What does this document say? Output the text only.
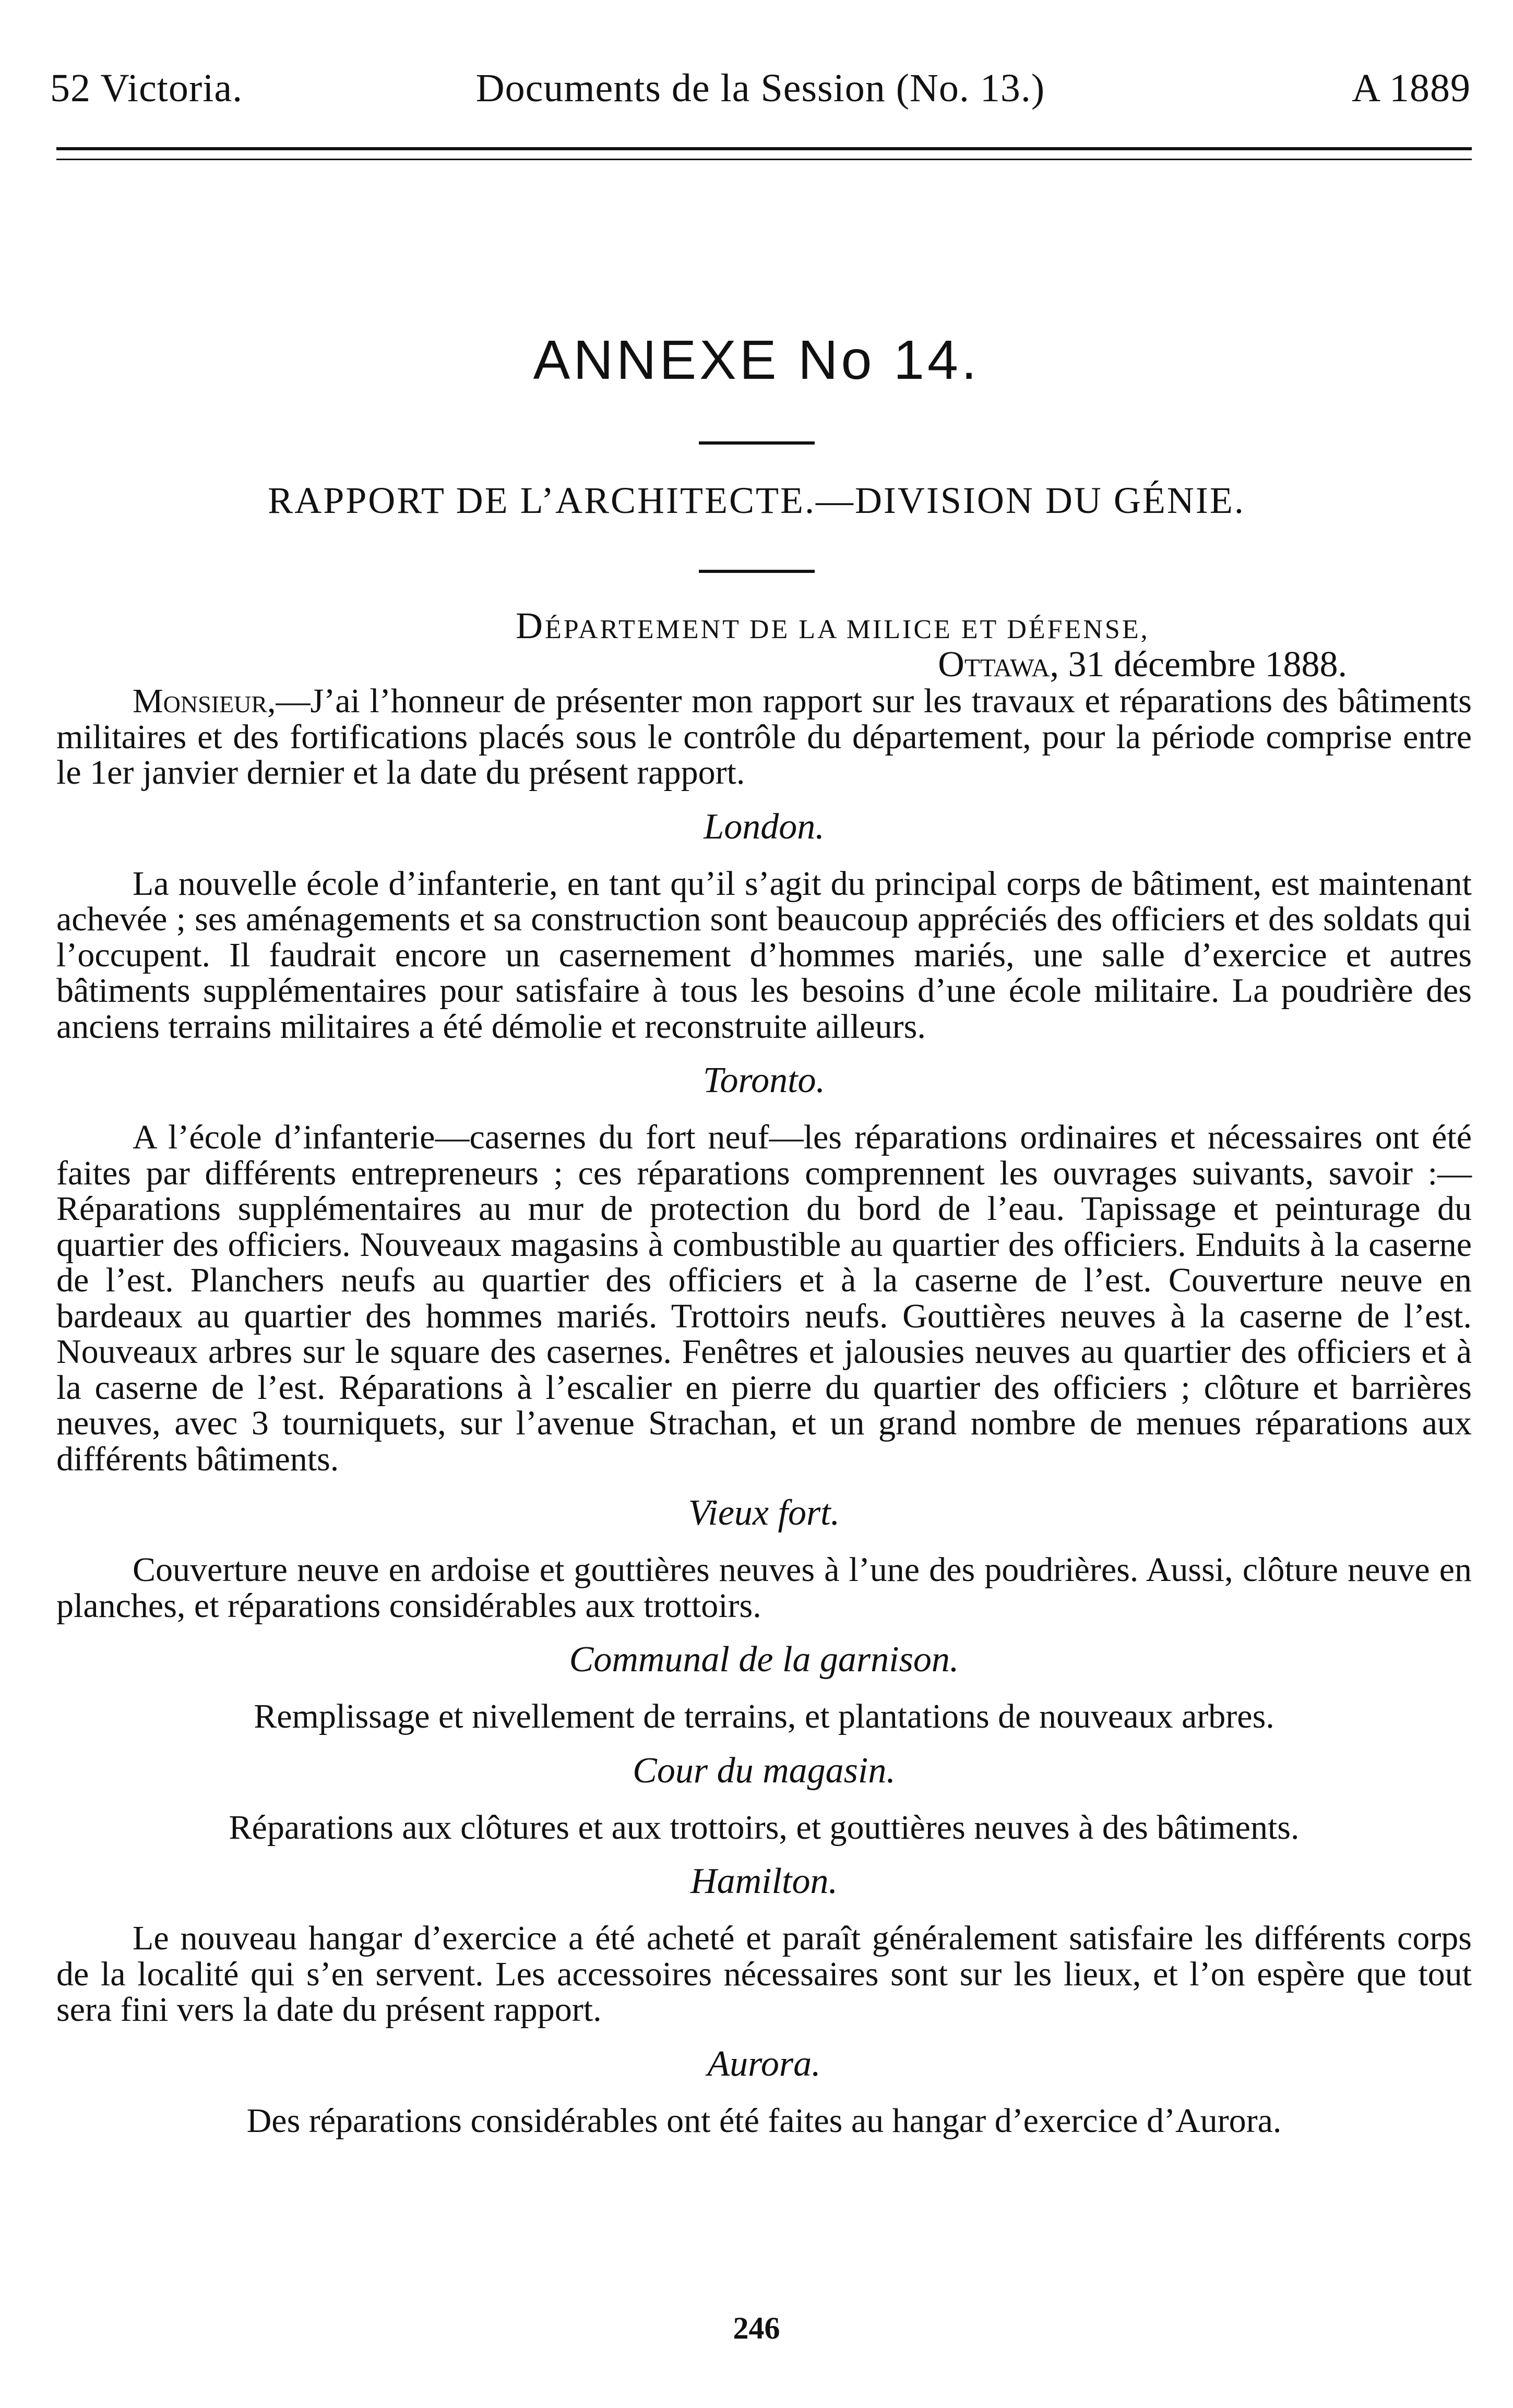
52 Victoria.	Documents de la Session (No. 13.)	A 1889
ANNEXE No 14.
RAPPORT DE L’ARCHITECTE.—DIVISION DU GÉNIE.
DÉPARTEMENT DE LA MILICE ET DÉFENSE,
Ottawa, 31 décembre 1888.

Monsieur,—J’ai l’honneur de présenter mon rapport sur les travaux et réparations des bâtiments militaires et des fortifications placés sous le contrôle du département, pour la période comprise entre le 1er janvier dernier et la date du présent rapport.

London.

La nouvelle école d’infanterie, en tant qu’il s’agit du principal corps de bâtiment, est maintenant achevée ; ses aménagements et sa construction sont beaucoup appréciés des officiers et des soldats qui l’occupent. Il faudrait encore un casernement d’hommes mariés, une salle d’exercice et autres bâtiments supplémentaires pour satisfaire à tous les besoins d’une école militaire. La poudrière des anciens terrains militaires a été démolie et reconstruite ailleurs.

Toronto.

A l’école d’infanterie—casernes du fort neuf—les réparations ordinaires et nécessaires ont été faites par différents entrepreneurs ; ces réparations comprennent les ouvrages suivants, savoir :—Réparations supplémentaires au mur de protection du bord de l’eau. Tapissage et peinturage du quartier des officiers. Nouveaux magasins à combustible au quartier des officiers. Enduits à la caserne de l’est. Planchers neufs au quartier des officiers et à la caserne de l’est. Couverture neuve en bardeaux au quartier des hommes mariés. Trottoirs neufs. Gouttières neuves à la caserne de l’est. Nouveaux arbres sur le square des casernes. Fenêtres et jalousies neuves au quartier des officiers et à la caserne de l’est. Réparations à l’escalier en pierre du quartier des officiers ; clôture et barrières neuves, avec 3 tourniquets, sur l’avenue Strachan, et un grand nombre de menues réparations aux différents bâtiments.

Vieux fort.

Couverture neuve en ardoise et gouttières neuves à l’une des poudrières. Aussi, clôture neuve en planches, et réparations considérables aux trottoirs.

Communal de la garnison.

Remplissage et nivellement de terrains, et plantations de nouveaux arbres.

Cour du magasin.

Réparations aux clôtures et aux trottoirs, et gouttières neuves à des bâtiments.

Hamilton.

Le nouveau hangar d’exercice a été acheté et paraît généralement satisfaire les différents corps de la localité qui s’en servent. Les accessoires nécessaires sont sur les lieux, et l’on espère que tout sera fini vers la date du présent rapport.

Aurora.

Des réparations considérables ont été faites au hangar d’exercice d’Aurora.

246
